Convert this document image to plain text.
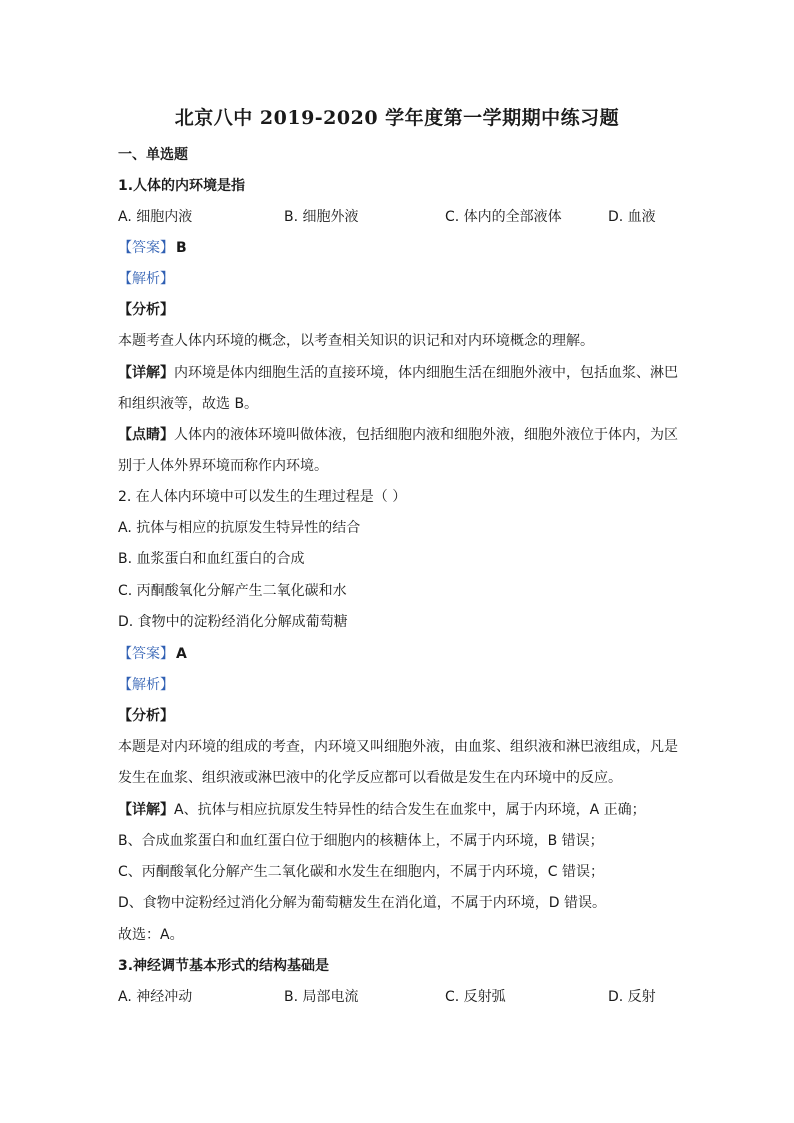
北京八中 2019-2020 学年度第一学期期中练习题
一、单选题
1.人体的内环境是指
A. 细胞内液	B. 细胞外液	C. 体内的全部液体	D. 血液
【答案】 B
【解析】
【分析】
本题考查人体内环境的概念，以考查相关知识的识记和对内环境概念的理解。
【详解】内环境是体内细胞生活的直接环境，体内细胞生活在细胞外液中，包括血浆、淋巴
和组织液等，故选 B。
【点睛】人体内的液体环境叫做体液，包括细胞内液和细胞外液，细胞外液位于体内，为区
别于人体外界环境而称作内环境。
2. 在人体内环境中可以发生的生理过程是（ ）
A. 抗体与相应的抗原发生特异性的结合
B. 血浆蛋白和血红蛋白的合成
C. 丙酮酸氧化分解产生二氧化碳和水
D. 食物中的淀粉经消化分解成葡萄糖
【答案】 A
【解析】
【分析】
本题是对内环境的组成的考查，内环境又叫细胞外液，由血浆、组织液和淋巴液组成，凡是
发生在血浆、组织液或淋巴液中的化学反应都可以看做是发生在内环境中的反应。
【详解】A、抗体与相应抗原发生特异性的结合发生在血浆中，属于内环境，A 正确；
B、合成血浆蛋白和血红蛋白位于细胞内的核糖体上，不属于内环境，B 错误；
C、丙酮酸氧化分解产生二氧化碳和水发生在细胞内，不属于内环境，C 错误；
D、食物中淀粉经过消化分解为葡萄糖发生在消化道，不属于内环境，D 错误。
故选：A。
3.神经调节基本形式的结构基础是
A. 神经冲动	B. 局部电流	C. 反射弧	D. 反射
